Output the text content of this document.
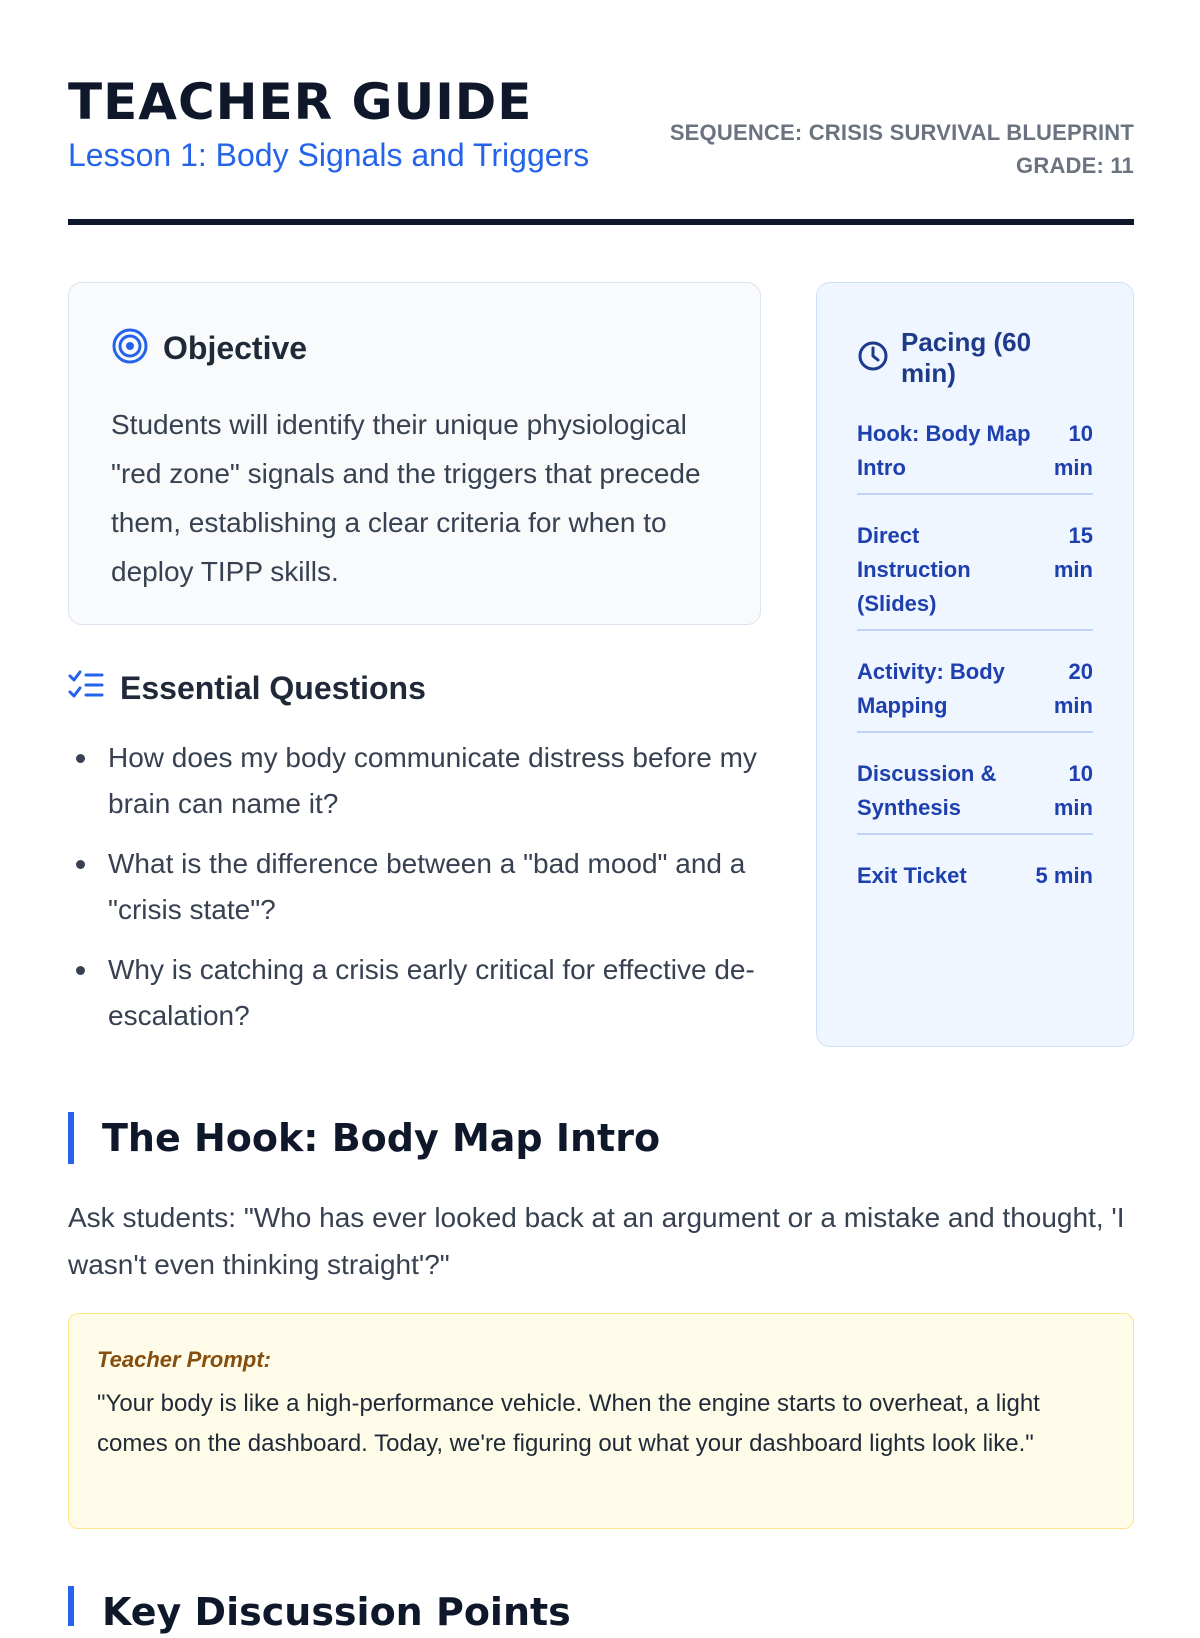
TEACHER GUIDE
Lesson 1: Body Signals and Triggers
SEQUENCE: CRISIS SURVIVAL BLUEPRINT
GRADE: 11
Objective

Students will identify their unique physiological "red zone" signals and the triggers that precede them, establishing a clear criteria for when to deploy TIPP skills.

Essential Questions
How does my body communicate distress before my brain can name it?
What is the difference between a "bad mood" and a "crisis state"?
Why is catching a crisis early critical for effective de-escalation?
Pacing (60 min)
Hook: Body Map Intro
10 min
Direct Instruction (Slides)
15 min
Activity: Body Mapping
20 min
Discussion & Synthesis
10 min
Exit Ticket	5 min
The Hook: Body Map Intro

Ask students: "Who has ever looked back at an argument or a mistake and thought, 'I wasn't even thinking straight'?"

Teacher Prompt:

"Your body is like a high-performance vehicle. When the engine starts to overheat, a light comes on the dashboard. Today, we're figuring out what your dashboard lights look like."

Key Discussion Points
